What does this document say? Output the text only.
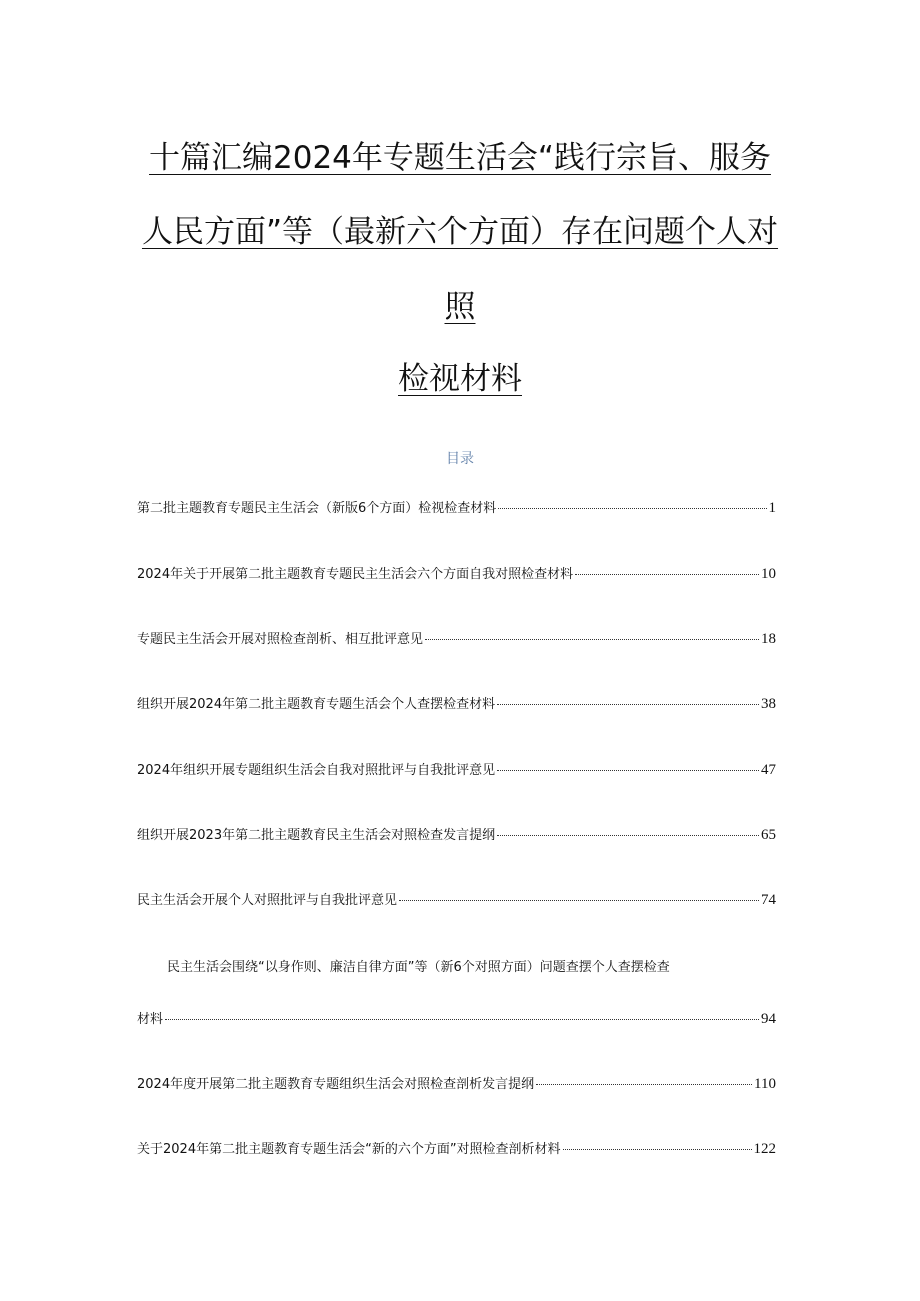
十篇汇编2024年专题生活会“践行宗旨、服务
人民方面”等（最新六个方面）存在问题个人对
照
检视材料
目录
第二批主题教育专题民主生活会（新版6个方面）检视检查材料	1
2024年关于开展第二批主题教育专题民主生活会六个方面自我对照检查材料	10
专题民主生活会开展对照检查剖析、相互批评意见	18
组织开展2024年第二批主题教育专题生活会个人查摆检查材料	38
2024年组织开展专题组织生活会自我对照批评与自我批评意见	47
组织开展2023年第二批主题教育民主生活会对照检查发言提纲	65
民主生活会开展个人对照批评与自我批评意见	74
民主生活会围绕“以身作则、廉洁自律方面”等（新6个对照方面）问题查摆个人查摆检查
材料	94
2024年度开展第二批主题教育专题组织生活会对照检查剖析发言提纲	110
关于2024年第二批主题教育专题生活会“新的六个方面”对照检查剖析材料	122
